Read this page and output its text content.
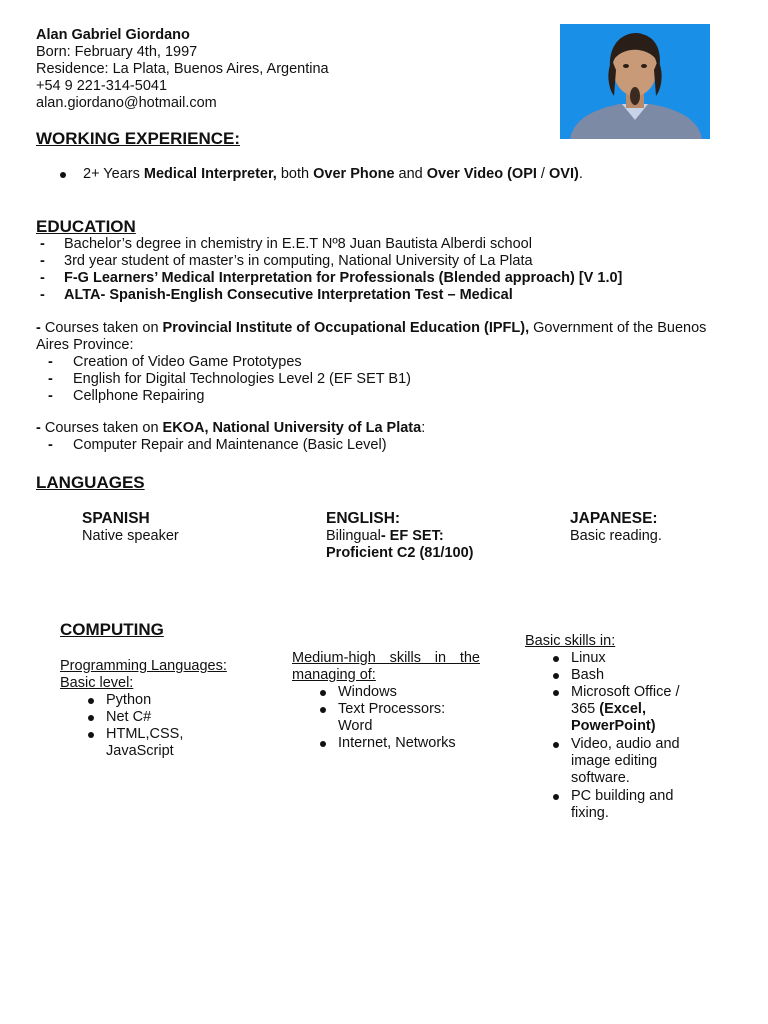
Alan Gabriel Giordano

Born: February 4th, 1997

Residence: La Plata, Buenos Aires, Argentina

+54 9 221-314-5041

alan.giordano@hotmail.com

WORKING EXPERIENCE:
2+ Years Medical Interpreter, both Over Phone and Over Video (OPI / OVI).
EDUCATION
- Bachelor’s degree in chemistry in E.E.T Nº8 Juan Bautista Alberdi school
- 3rd year student of master’s in computing, National University of La Plata
- F-G Learners’ Medical Interpretation for Professionals (Blended approach) [V 1.0]
- ALTA- Spanish-English Consecutive Interpretation Test – Medical

- Courses taken on Provincial Institute of Occupational Education (IPFL), Government of the Buenos Aires Province:

- Creation of Video Game Prototypes
- English for Digital Technologies Level 2 (EF SET B1)
- Cellphone Repairing

- Courses taken on EKOA, National University of La Plata:

- Computer Repair and Maintenance (Basic Level)
LANGUAGES

SPANISH

Native speaker

ENGLISH:

Bilingual- EF SET: Proficient C2 (81/100)

JAPANESE:

Basic reading.

COMPUTING

Programming Languages:

Basic level:

Python
Net C#
HTML,CSS, JavaScript

Medium-high skills in the managing of:

Windows
Text Processors: Word
Internet, Networks

Basic skills in:

Linux
Bash
Microsoft Office / 365 (Excel, PowerPoint)
Video, audio and image editing software.
PC building and fixing.
